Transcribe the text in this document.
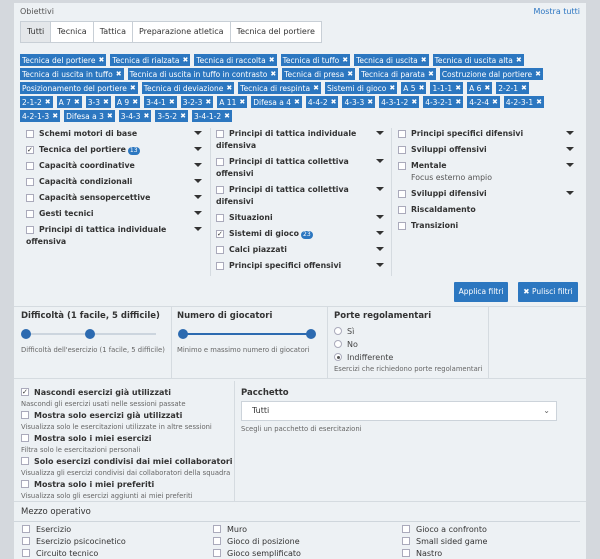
Obiettivi	Mostra tutti
Tutti	Tecnica	Tattica	Preparazione atletica	Tecnica del portiere
Tecnica del portiere ✖ Tecnica di rialzata ✖ Tecnica di raccolta ✖ Tecnica di tuffo ✖ Tecnica di uscita ✖ Tecnica di uscita alta ✖
Tecnica di uscita in tuffo ✖ Tecnica di uscita in tuffo in contrasto ✖ Tecnica di presa ✖ Tecnica di parata ✖ Costruzione dal portiere ✖
Posizionamento del portiere ✖ Tecnica di deviazione ✖ Tecnica di respinta ✖ Sistemi di gioco ✖ A 5 ✖ 1-1-1 ✖ A 6 ✖ 2-2-1 ✖
2-1-2 ✖ A 7 ✖ 3-3 ✖ A 9 ✖ 3-4-1 ✖ 3-2-3 ✖ A 11 ✖ Difesa a 4 ✖ 4-4-2 ✖ 4-3-3 ✖ 4-3-1-2 ✖ 4-3-2-1 ✖ 4-2-4 ✖ 4-2-3-1 ✖
4-2-1-3 ✖ Difesa a 3 ✖ 3-4-3 ✖ 3-5-2 ✖ 3-4-1-2 ✖
Schemi motori di base
✓
Tecnica del portiere 13
Capacità coordinative
Capacità condizionali
Capacità sensopercettive
Gesti tecnici
Principi di tattica individuale
offensiva
Principi di tattica individuale
difensiva
Principi di tattica collettiva
offensivi
Principi di tattica collettiva
difensivi
Situazioni
✓
Sistemi di gioco 23
Calci piazzati
Principi specifici offensivi
Principi specifici difensivi
Sviluppi offensivi
Mentale
Focus esterno ampio
Sviluppi difensivi
Riscaldamento
Transizioni
Applica filtri	✖ Pulisci filtri
Difficoltà (1 facile, 5 difficile)
Difficoltà dell'esercizio (1 facile, 5 difficile)
Numero di giocatori
Minimo e massimo numero di giocatori
Porte regolamentari
Sì
No
Indifferente
Esercizi che richiedono porte regolamentari
✓Nascondi esercizi già utilizzati
Nascondi gli esercizi usati nelle sessioni passate
Mostra solo esercizi già utilizzati
Visualizza solo le esercitazioni utilizzate in altre sessioni
Mostra solo i miei esercizi
Filtra solo le esercitazioni personali
Solo esercizi condivisi dai miei collaboratori
Visualizza gli esercizi condivisi dai collaboratori della squadra
Mostra solo i miei preferiti
Visualizza solo gli esercizi aggiunti ai miei preferiti
Pacchetto
Tutti	⌄
Scegli un pacchetto di esercitazioni
Mezzo operativo
Esercizio
Esercizio psicocinetico
Circuito tecnico
Muro
Gioco di posizione
Gioco semplificato
Gioco a confronto
Small sided game
Nastro
